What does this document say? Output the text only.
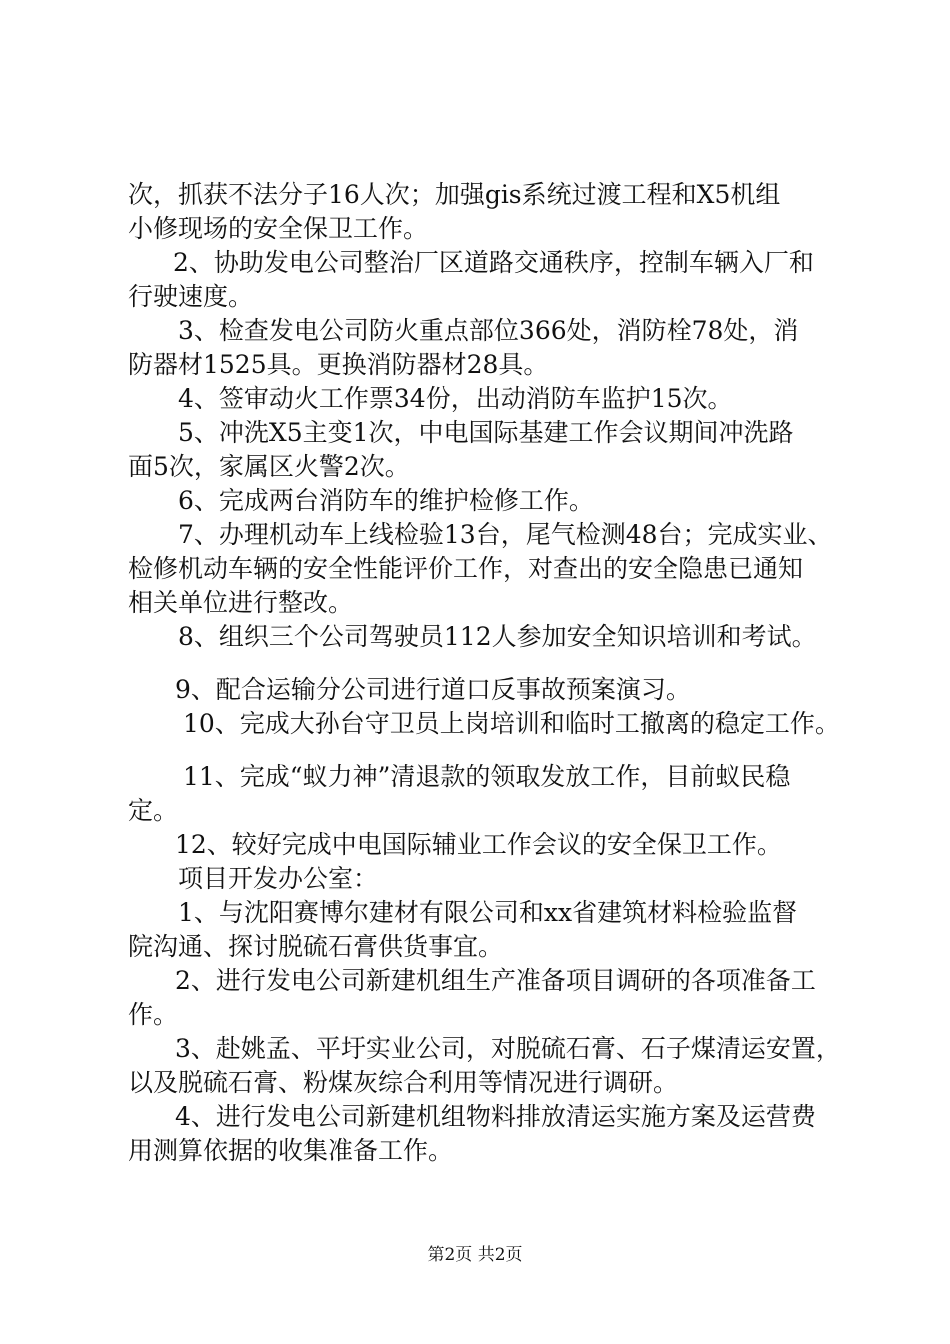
次，抓获不法分子16人次；加强gis系统过渡工程和X5机组
小修现场的安全保卫工作。
2、协助发电公司整治厂区道路交通秩序，控制车辆入厂和
行驶速度。
3、检查发电公司防火重点部位366处，消防栓78处，消
防器材1525具。更换消防器材28具。
4、签审动火工作票34份，出动消防车监护15次。
5、冲洗X5主变1次，中电国际基建工作会议期间冲洗路
面5次，家属区火警2次。
6、完成两台消防车的维护检修工作。
7、办理机动车上线检验13台，尾气检测48台；完成实业、
检修机动车辆的安全性能评价工作，对查出的安全隐患已通知
相关单位进行整改。
8、组织三个公司驾驶员112人参加安全知识培训和考试。
9、配合运输分公司进行道口反事故预案演习。
10、完成大孙台守卫员上岗培训和临时工撤离的稳定工作。
11、完成“蚁力神”清退款的领取发放工作，目前蚁民稳
定。
12、较好完成中电国际辅业工作会议的安全保卫工作。
项目开发办公室：
1、与沈阳赛博尔建材有限公司和xx省建筑材料检验监督
院沟通、探讨脱硫石膏供货事宜。
2、进行发电公司新建机组生产准备项目调研的各项准备工
作。
3、赴姚孟、平圩实业公司，对脱硫石膏、石子煤清运安置，
以及脱硫石膏、粉煤灰综合利用等情况进行调研。
4、进行发电公司新建机组物料排放清运实施方案及运营费
用测算依据的收集准备工作。
第2页 共2页
